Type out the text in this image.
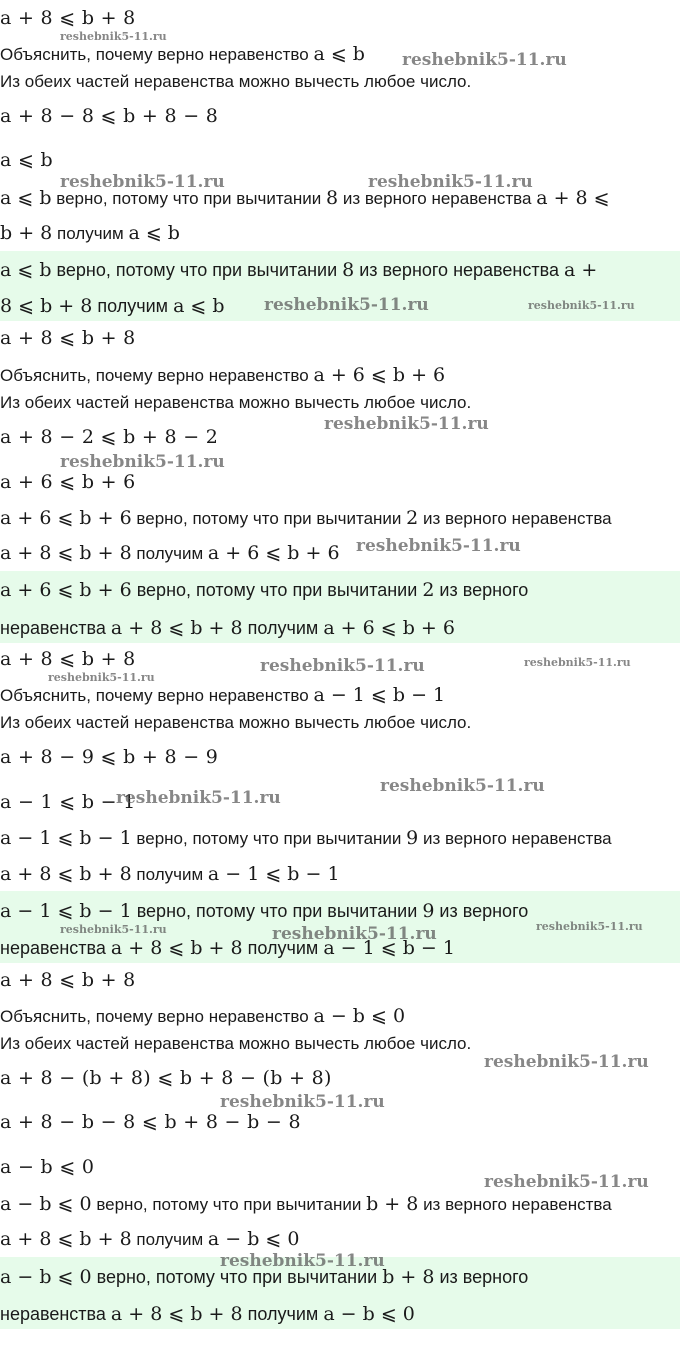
a + 8 ⩽ b + 8
Объяснить, почему верно неравенство a ⩽ b
Из обеих частей неравенства можно вычесть любое число.
a + 8 − 8 ⩽ b + 8 − 8
a ⩽ b
a ⩽ b верно, потому что при вычитании 8 из верного неравенства a + 8 ⩽
b + 8 получим a ⩽ b
a ⩽ b верно, потому что при вычитании 8 из верного неравенства a +
8 ⩽ b + 8 получим a ⩽ b
a + 8 ⩽ b + 8
Объяснить, почему верно неравенство a + 6 ⩽ b + 6
Из обеих частей неравенства можно вычесть любое число.
a + 8 − 2 ⩽ b + 8 − 2
a + 6 ⩽ b + 6
a + 6 ⩽ b + 6 верно, потому что при вычитании 2 из верного неравенства
a + 8 ⩽ b + 8 получим a + 6 ⩽ b + 6
a + 6 ⩽ b + 6 верно, потому что при вычитании 2 из верного
неравенства a + 8 ⩽ b + 8 получим a + 6 ⩽ b + 6
a + 8 ⩽ b + 8
Объяснить, почему верно неравенство a − 1 ⩽ b − 1
Из обеих частей неравенства можно вычесть любое число.
a + 8 − 9 ⩽ b + 8 − 9
a − 1 ⩽ b − 1
a − 1 ⩽ b − 1 верно, потому что при вычитании 9 из верного неравенства
a + 8 ⩽ b + 8 получим a − 1 ⩽ b − 1
a − 1 ⩽ b − 1 верно, потому что при вычитании 9 из верного
неравенства a + 8 ⩽ b + 8 получим a − 1 ⩽ b − 1
a + 8 ⩽ b + 8
Объяснить, почему верно неравенство a − b ⩽ 0
Из обеих частей неравенства можно вычесть любое число.
a + 8 − (b + 8) ⩽ b + 8 − (b + 8)
a + 8 − b − 8 ⩽ b + 8 − b − 8
a − b ⩽ 0
a − b ⩽ 0 верно, потому что при вычитании b + 8 из верного неравенства
a + 8 ⩽ b + 8 получим a − b ⩽ 0
a − b ⩽ 0 верно, потому что при вычитании b + 8 из верного
неравенства a + 8 ⩽ b + 8 получим a − b ⩽ 0
reshebnik5-11.ru
reshebnik5-11.ru
reshebnik5-11.ru	reshebnik5-11.ru
reshebnik5-11.ru	reshebnik5-11.ru
reshebnik5-11.ru
reshebnik5-11.ru
reshebnik5-11.ru
reshebnik5-11.ru	reshebnik5-11.ru
reshebnik5-11.ru
reshebnik5-11.ru
reshebnik5-11.ru
reshebnik5-11.ru	reshebnik5-11.ru	reshebnik5-11.ru
reshebnik5-11.ru
reshebnik5-11.ru
reshebnik5-11.ru
reshebnik5-11.ru
